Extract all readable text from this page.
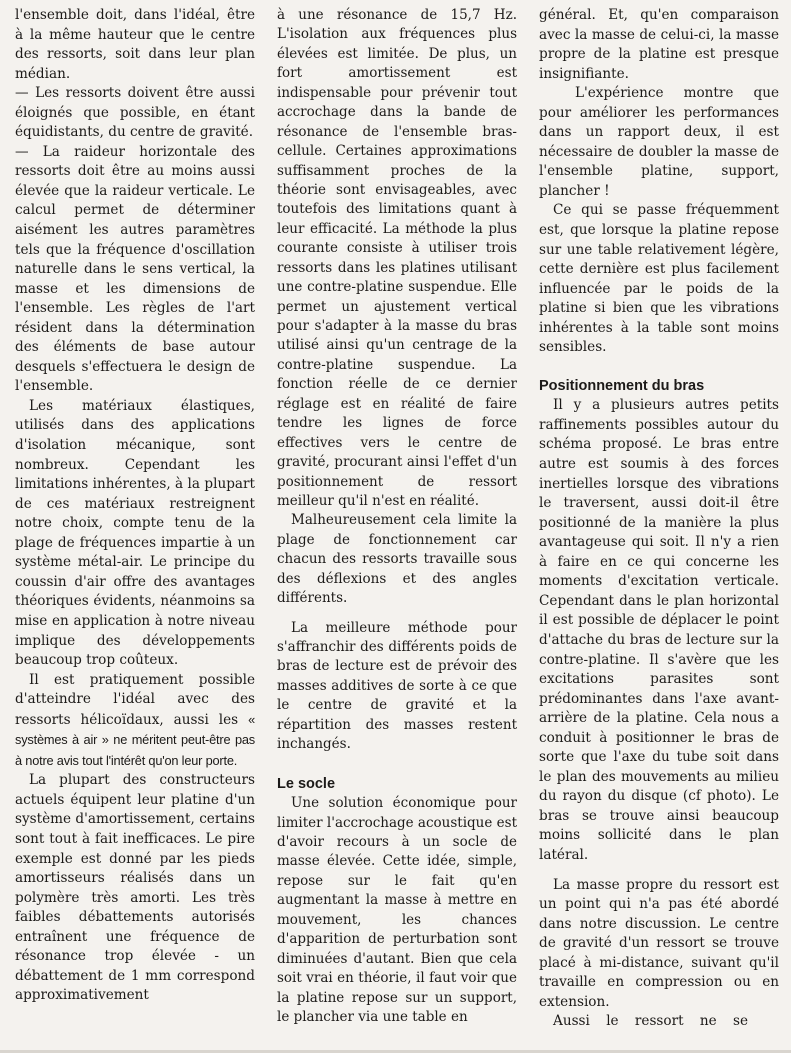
l'ensemble doit, dans l'idéal, être à la même hauteur que le centre des ressorts, soit dans leur plan médian.

— Les ressorts doivent être aussi éloignés que possible, en étant équidistants, du centre de gravité.

— La raideur horizontale des ressorts doit être au moins aussi élevée que la raideur verticale. Le calcul permet de déterminer aisément les autres paramètres tels que la fréquence d'oscillation naturelle dans le sens vertical, la masse et les dimensions de l'ensemble. Les règles de l'art résident dans la détermination des éléments de base autour desquels s'effectuera le design de l'ensemble.

Les matériaux élastiques, utilisés dans des applications d'isolation mécanique, sont nombreux. Cependant les limitations inhérentes, à la plupart de ces matériaux restreignent notre choix, compte tenu de la plage de fréquences impartie à un système métal-air. Le principe du coussin d'air offre des avantages théoriques évidents, néanmoins sa mise en application à notre niveau implique des développements beaucoup trop coûteux.

Il est pratiquement possible d'atteindre l'idéal avec des ressorts hélicoïdaux, aussi les « systèmes à air » ne méritent peut-être pas à notre avis tout l'intérêt qu'on leur porte.

La plupart des constructeurs actuels équipent leur platine d'un système d'amortissement, certains sont tout à fait inefficaces. Le pire exemple est donné par les pieds amortisseurs réalisés dans un polymère très amorti. Les très faibles débattements autorisés entraînent une fréquence de résonance trop élevée - un débattement de 1 mm correspond approximativement

à une résonance de 15,7 Hz. L'isolation aux fréquences plus élevées est limitée. De plus, un fort amortissement est indispensable pour prévenir tout accrochage dans la bande de résonance de l'ensemble bras-cellule. Certaines approximations suffisamment proches de la théorie sont envisageables, avec toutefois des limitations quant à leur efficacité. La méthode la plus courante consiste à utiliser trois ressorts dans les platines utilisant une contre-platine suspendue. Elle permet un ajustement vertical pour s'adapter à la masse du bras utilisé ainsi qu'un centrage de la contre-platine suspendue. La fonction réelle de ce dernier réglage est en réalité de faire tendre les lignes de force effectives vers le centre de gravité, procurant ainsi l'effet d'un positionnement de ressort meilleur qu'il n'est en réalité.

Malheureusement cela limite la plage de fonctionnement car chacun des ressorts travaille sous des déflexions et des angles différents.

La meilleure méthode pour s'affranchir des différents poids de bras de lecture est de prévoir des masses additives de sorte à ce que le centre de gravité et la répartition des masses restent inchangés.

Le socle

Une solution économique pour limiter l'accrochage acoustique est d'avoir recours à un socle de masse élevée. Cette idée, simple, repose sur le fait qu'en augmentant la masse à mettre en mouvement, les chances d'apparition de perturbation sont diminuées d'autant. Bien que cela soit vrai en théorie, il faut voir que la platine repose sur un support, le plancher via une table en

général. Et, qu'en comparaison avec la masse de celui-ci, la masse propre de la platine est presque insignifiante.

L'expérience montre que pour améliorer les performances dans un rapport deux, il est nécessaire de doubler la masse de l'ensemble platine, support, plancher !

Ce qui se passe fréquemment est, que lorsque la platine repose sur une table relativement légère, cette dernière est plus facilement influencée par le poids de la platine si bien que les vibrations inhérentes à la table sont moins sensibles.

Positionnement du bras

Il y a plusieurs autres petits raffinements possibles autour du schéma proposé. Le bras entre autre est soumis à des forces inertielles lorsque des vibrations le traversent, aussi doit-il être positionné de la manière la plus avantageuse qui soit. Il n'y a rien à faire en ce qui concerne les moments d'excitation verticale. Cependant dans le plan horizontal il est possible de déplacer le point d'attache du bras de lecture sur la contre-platine. Il s'avère que les excitations parasites sont prédominantes dans l'axe avant-arrière de la platine. Cela nous a conduit à positionner le bras de sorte que l'axe du tube soit dans le plan des mouvements au milieu du rayon du disque (cf photo). Le bras se trouve ainsi beaucoup moins sollicité dans le plan latéral.

La masse propre du ressort est un point qui n'a pas été abordé dans notre discussion. Le centre de gravité d'un ressort se trouve placé à mi-distance, suivant qu'il travaille en compression ou en extension.

Aussi le ressort ne se
